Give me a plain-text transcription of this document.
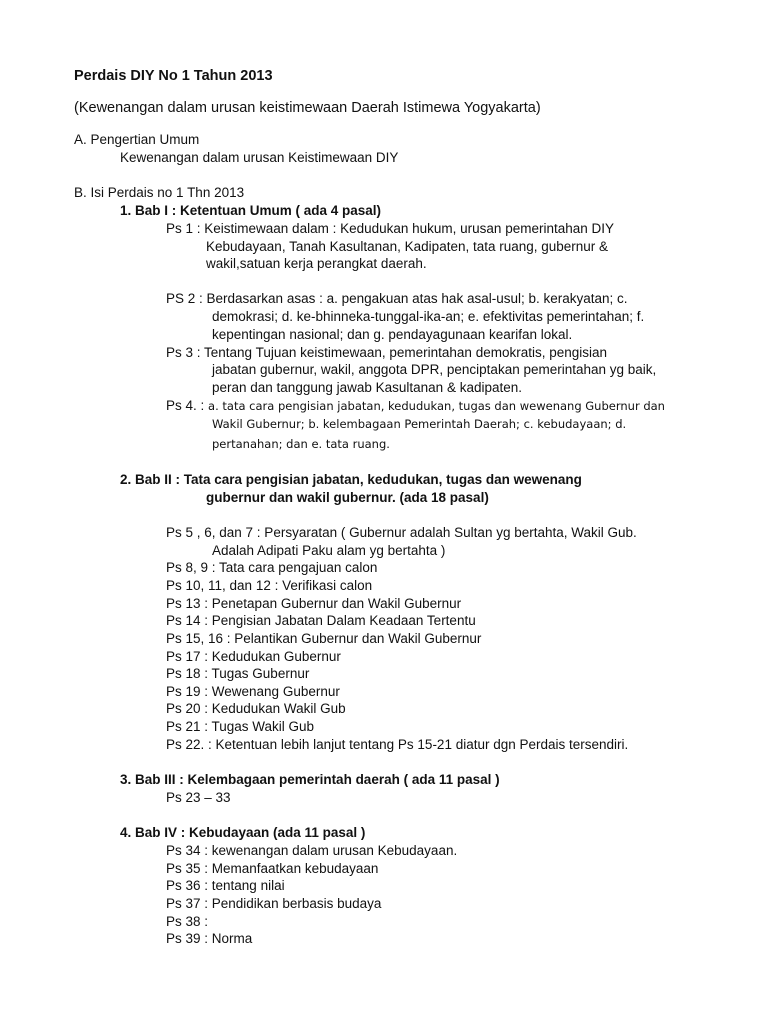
Perdais DIY No 1 Tahun 2013
(Kewenangan dalam urusan keistimewaan Daerah Istimewa Yogyakarta)
A. Pengertian Umum
Kewenangan dalam urusan Keistimewaan DIY
B. Isi Perdais no 1 Thn 2013
1. Bab I : Ketentuan Umum ( ada 4 pasal)
Ps 1 : Keistimewaan dalam : Kedudukan hukum, urusan pemerintahan DIY
Kebudayaan, Tanah Kasultanan, Kadipaten, tata ruang, gubernur &
wakil,satuan kerja perangkat daerah.
PS 2 : Berdasarkan asas : a. pengakuan atas hak asal-usul; b. kerakyatan; c.
demokrasi; d. ke-bhinneka-tunggal-ika-an; e. efektivitas pemerintahan; f.
kepentingan nasional; dan g. pendayagunaan kearifan lokal.
Ps 3 : Tentang Tujuan keistimewaan, pemerintahan demokratis, pengisian
jabatan gubernur, wakil, anggota DPR, penciptakan pemerintahan yg baik,
peran dan tanggung jawab Kasultanan & kadipaten.
Ps 4. : a. tata cara pengisian jabatan, kedudukan, tugas dan wewenang Gubernur dan
Wakil Gubernur; b. kelembagaan Pemerintah Daerah; c. kebudayaan; d.
pertanahan; dan e. tata ruang.
2. Bab II : Tata cara pengisian jabatan, kedudukan, tugas dan wewenang
gubernur dan wakil gubernur. (ada 18 pasal)
Ps 5 , 6, dan 7 : Persyaratan ( Gubernur adalah Sultan yg bertahta, Wakil Gub.
Adalah Adipati Paku alam yg bertahta )
Ps 8, 9 : Tata cara pengajuan calon
Ps 10, 11, dan 12 : Verifikasi calon
Ps 13 : Penetapan Gubernur dan Wakil Gubernur
Ps 14 : Pengisian Jabatan Dalam Keadaan Tertentu
Ps 15, 16 : Pelantikan Gubernur dan Wakil Gubernur
Ps 17 : Kedudukan Gubernur
Ps 18 : Tugas Gubernur
Ps 19 : Wewenang Gubernur
Ps 20 : Kedudukan Wakil Gub
Ps 21 : Tugas Wakil Gub
Ps 22. : Ketentuan lebih lanjut tentang Ps 15-21 diatur dgn Perdais tersendiri.
3. Bab III : Kelembagaan pemerintah daerah ( ada 11 pasal )
Ps 23 – 33
4. Bab IV : Kebudayaan (ada 11 pasal )
Ps 34 : kewenangan dalam urusan Kebudayaan.
Ps 35 : Memanfaatkan kebudayaan
Ps 36 : tentang nilai
Ps 37 : Pendidikan berbasis budaya
Ps 38 :
Ps 39 : Norma
